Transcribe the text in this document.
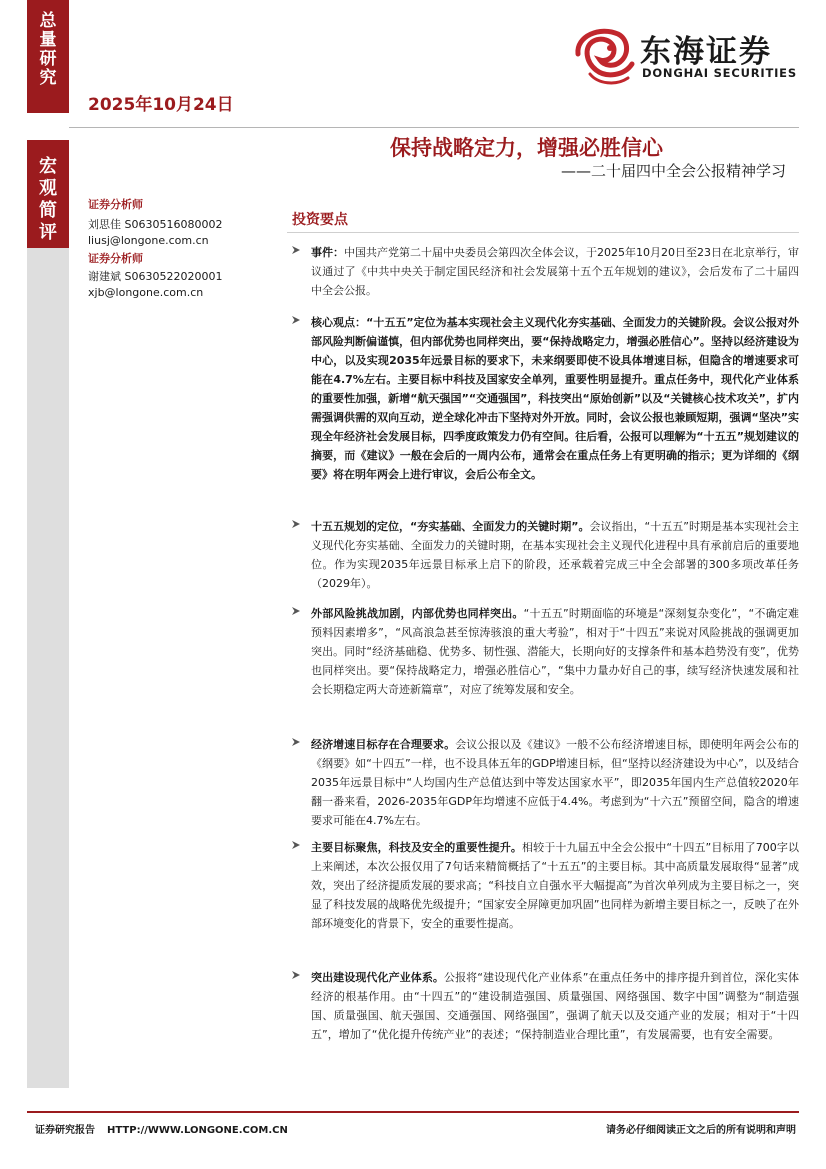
总
量
研
究
宏
观
简
评
2025年10月24日
东海证券
DONGHAI SECURITIES
保持战略定力，增强必胜信心
——二十届四中全会公报精神学习
证券分析师
刘思佳 S0630516080002
liusj@longone.com.cn
证券分析师
谢建斌 S0630522020001
xjb@longone.com.cn
投资要点
事件：中国共产党第二十届中央委员会第四次全体会议，于2025年10月20日至23日在北京举行，审议通过了《中共中央关于制定国民经济和社会发展第十五个五年规划的建议》，会后发布了二十届四中全会公报。
核心观点：“十五五”定位为基本实现社会主义现代化夯实基础、全面发力的关键阶段。会议公报对外部风险判断偏谨慎，但内部优势也同样突出，要“保持战略定力，增强必胜信心”。坚持以经济建设为中心，以及实现2035年远景目标的要求下，未来纲要即使不设具体增速目标，但隐含的增速要求可能在4.7%左右。主要目标中科技及国家安全单列，重要性明显提升。重点任务中，现代化产业体系的重要性加强，新增“航天强国”“交通强国”，科技突出“原始创新”以及“关键核心技术攻关”，扩内需强调供需的双向互动，逆全球化冲击下坚持对外开放。同时，会议公报也兼顾短期，强调“坚决”实现全年经济社会发展目标，四季度政策发力仍有空间。往后看，公报可以理解为“十五五”规划建议的摘要，而《建议》一般在会后的一周内公布，通常会在重点任务上有更明确的指示；更为详细的《纲要》将在明年两会上进行审议，会后公布全文。
十五五规划的定位，“夯实基础、全面发力的关键时期”。会议指出，“十五五”时期是基本实现社会主义现代化夯实基础、全面发力的关键时期，在基本实现社会主义现代化进程中具有承前启后的重要地位。作为实现2035年远景目标承上启下的阶段，还承载着完成三中全会部署的300多项改革任务（2029年）。
外部风险挑战加剧，内部优势也同样突出。“十五五”时期面临的环境是“深刻复杂变化”，“不确定难预料因素增多”，“风高浪急甚至惊涛骇浪的重大考验”，相对于“十四五”来说对风险挑战的强调更加突出。同时“经济基础稳、优势多、韧性强、潜能大，长期向好的支撑条件和基本趋势没有变”，优势也同样突出。要“保持战略定力，增强必胜信心”，“集中力量办好自己的事，续写经济快速发展和社会长期稳定两大奇迹新篇章”，对应了统筹发展和安全。
经济增速目标存在合理要求。会议公报以及《建议》一般不公布经济增速目标，即使明年两会公布的《纲要》如“十四五”一样，也不设具体五年的GDP增速目标，但“坚持以经济建设为中心”，以及结合2035年远景目标中“人均国内生产总值达到中等发达国家水平”，即2035年国内生产总值较2020年翻一番来看，2026-2035年GDP年均增速不应低于4.4%。考虑到为“十六五”预留空间，隐含的增速要求可能在4.7%左右。
主要目标聚焦，科技及安全的重要性提升。相较于十九届五中全会公报中“十四五”目标用了700字以上来阐述，本次公报仅用了7句话来精简概括了“十五五”的主要目标。其中高质量发展取得“显著”成效，突出了经济提质发展的要求高；“科技自立自强水平大幅提高”为首次单列成为主要目标之一，突显了科技发展的战略优先级提升；“国家安全屏障更加巩固”也同样为新增主要目标之一，反映了在外部环境变化的背景下，安全的重要性提高。
突出建设现代化产业体系。公报将“建设现代化产业体系”在重点任务中的排序提升到首位，深化实体经济的根基作用。由“十四五”的“建设制造强国、质量强国、网络强国、数字中国”调整为“制造强国、质量强国、航天强国、交通强国、网络强国”，强调了航天以及交通产业的发展；相对于“十四五”，增加了“优化提升传统产业”的表述；“保持制造业合理比重”，有发展需要，也有安全需要。
证券研究报告 HTTP://WWW.LONGONE.COM.CN	请务必仔细阅读正文之后的所有说明和声明
